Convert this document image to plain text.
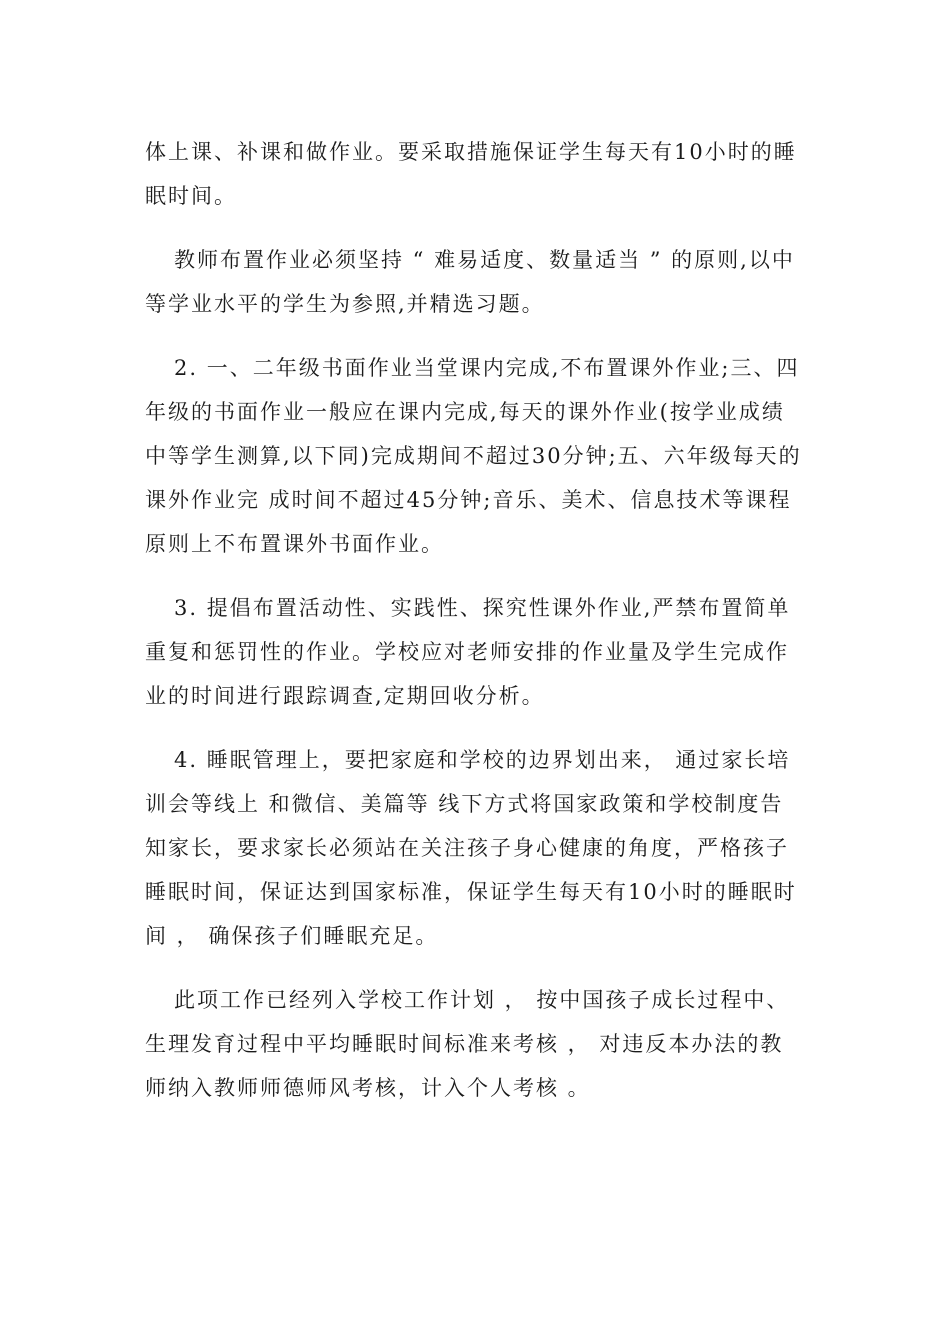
体上课、补课和做作业。要采取措施保证学生每天有10小时的睡眠时间。

教师布置作业必须坚持 “ 难易适度、数量适当 ” 的原则,以中等学业水平的学生为参照,并精选习题。

2. 一、二年级书面作业当堂课内完成,不布置课外作业;三、四年级的书面作业一般应在课内完成,每天的课外作业(按学业成绩中等学生测算,以下同)完成期间不超过30分钟;五、六年级每天的课外作业完 成时间不超过45分钟;音乐、美术、信息技术等课程原则上不布置课外书面作业。

3. 提倡布置活动性、实践性、探究性课外作业,严禁布置简单重复和惩罚性的作业。学校应对老师安排的作业量及学生完成作业的时间进行跟踪调查,定期回收分析。

4. 睡眠管理上，要把家庭和学校的边界划出来， 通过家长培训会等线上 和微信、美篇等 线下方式将国家政策和学校制度告知家长，要求家长必须站在关注孩子身心健康的角度，严格孩子睡眠时间，保证达到国家标准，保证学生每天有10小时的睡眠时间 ， 确保孩子们睡眠充足。

此项工作已经列入学校工作计划 ， 按中国孩子成长过程中、生理发育过程中平均睡眠时间标准来考核 ， 对违反本办法的教师纳入教师师德师风考核，计入个人考核 。
